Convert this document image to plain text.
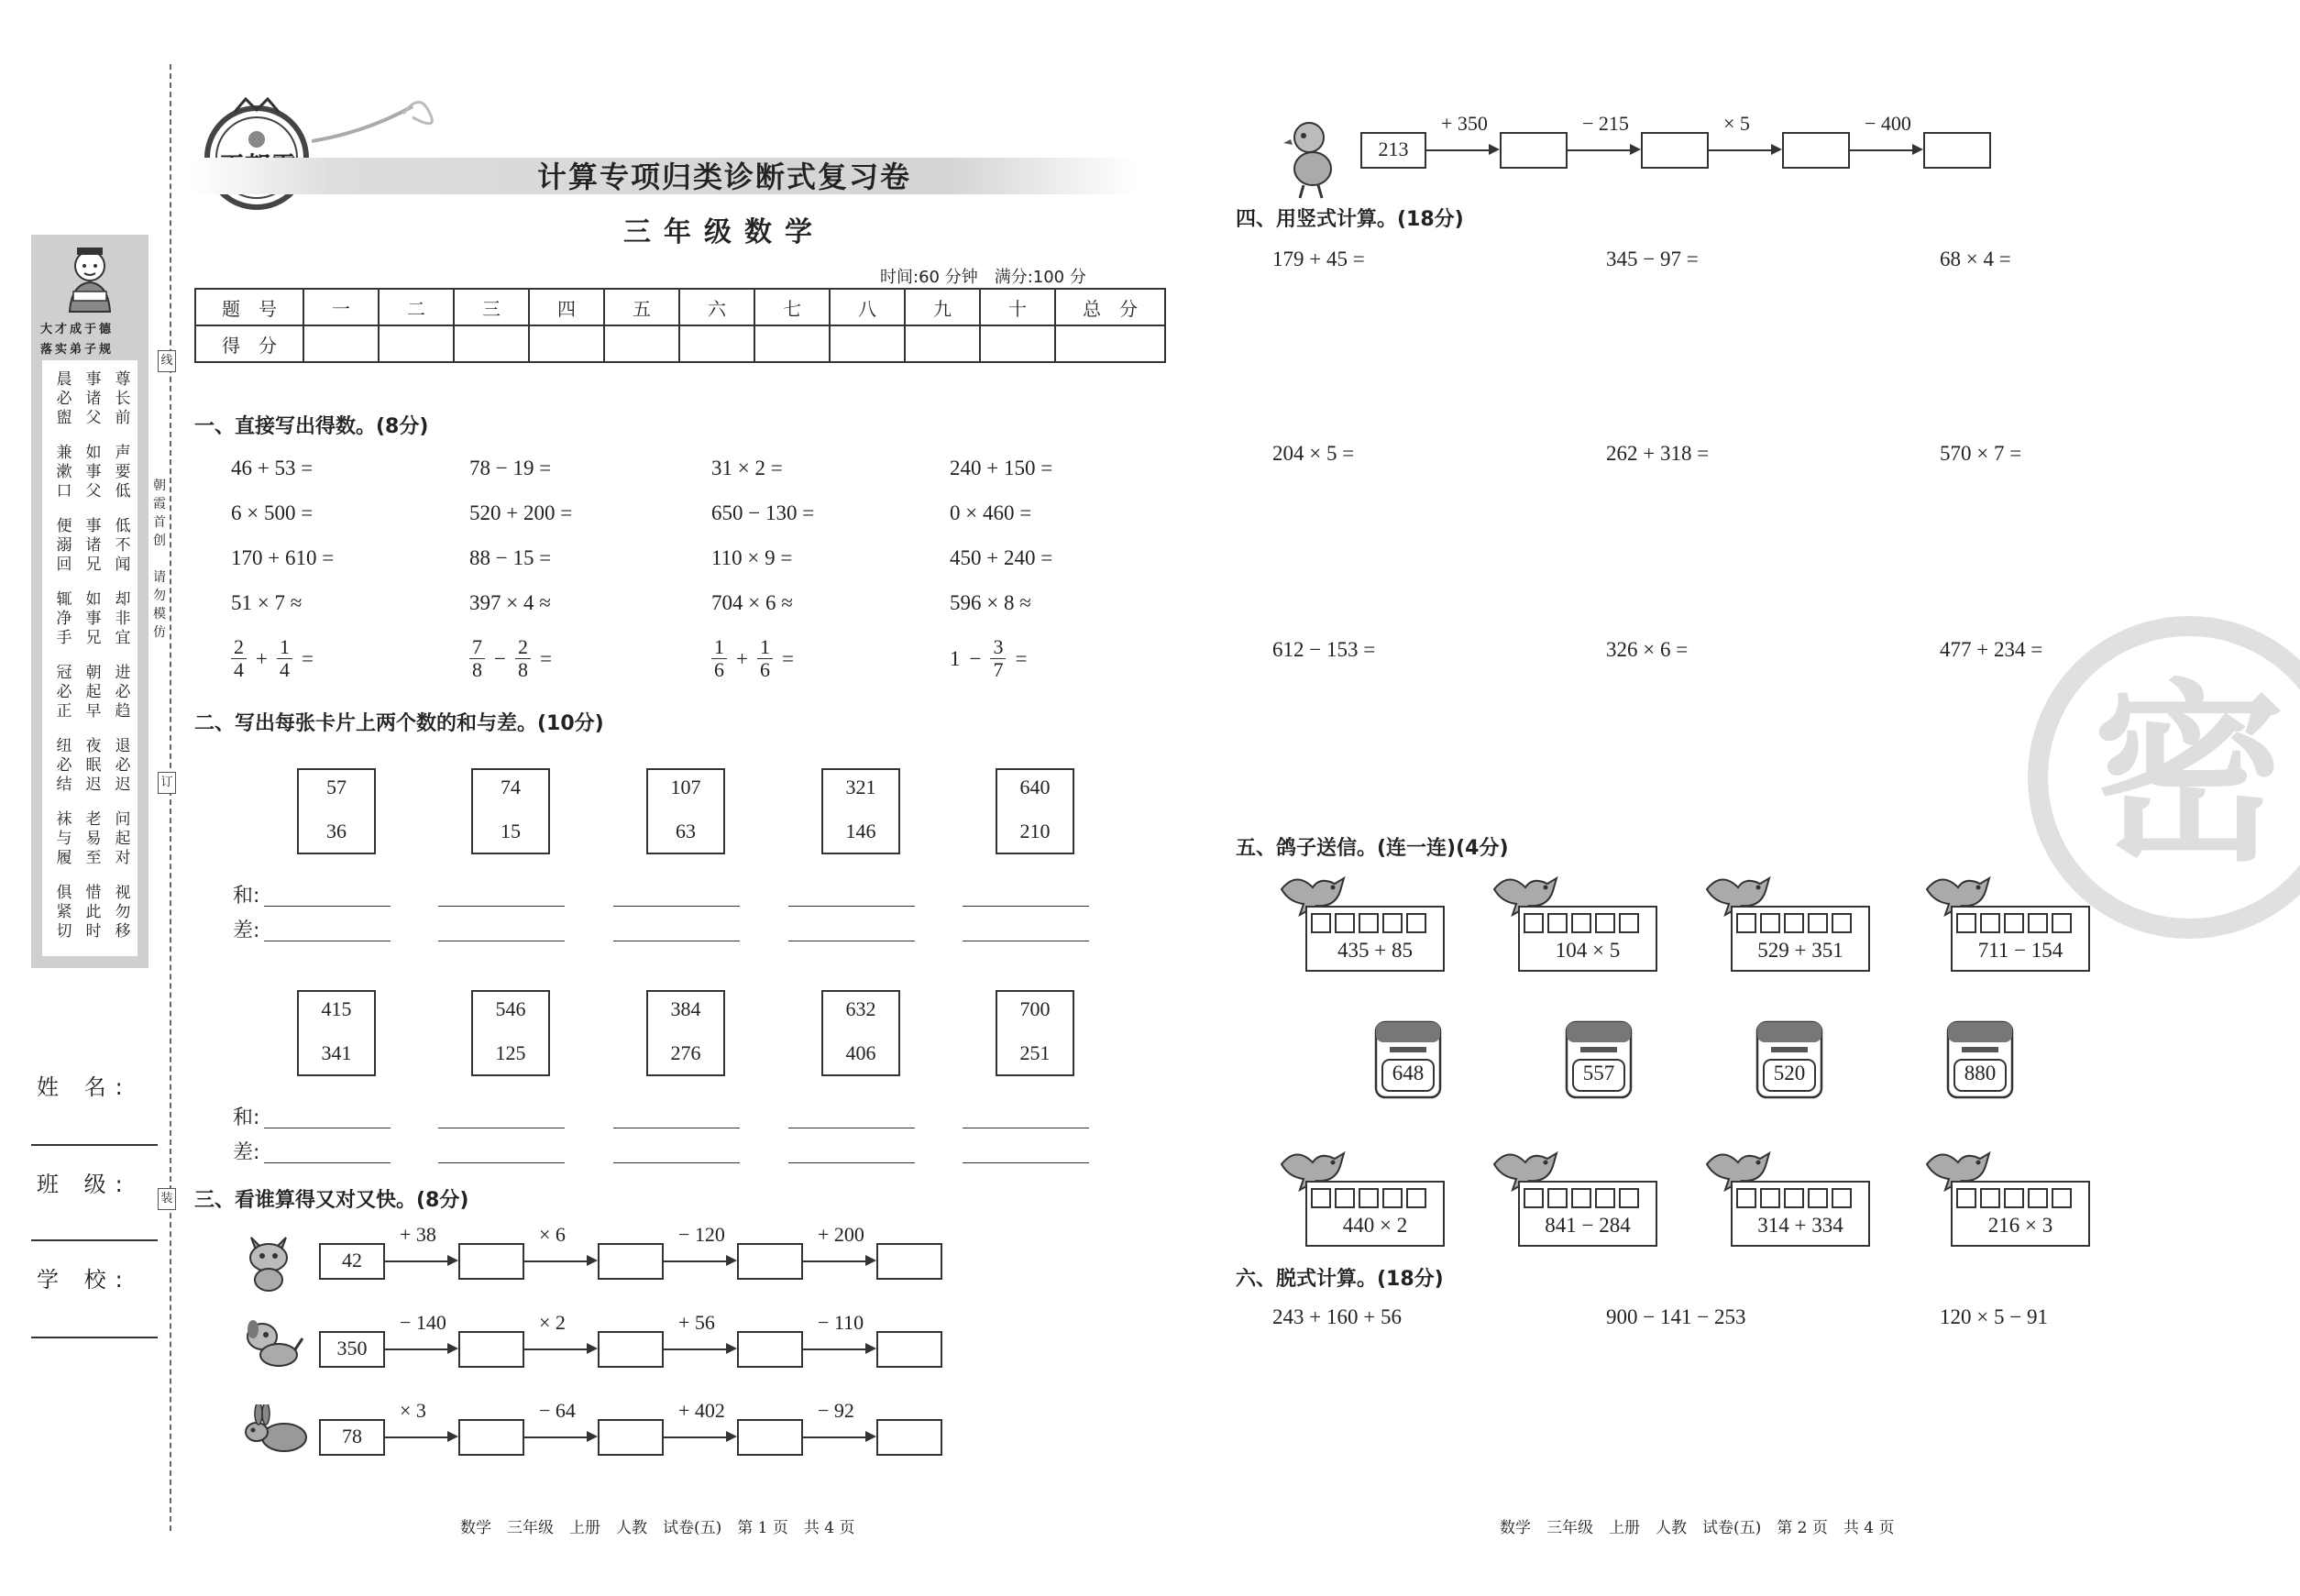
大才成于德
落实弟子规
线
订
装
姓 名:
班 级:
学 校:
计算专项归类诊断式复习卷
三年级数学
时间:60 分钟　满分:100 分
题　号	一	二	三	四	五	六	七	八	九	十	总　分
得　分											
一、直接写出得数。(8分)
二、写出每张卡片上两个数的和与差。(10分)
三、看谁算得又对又快。(8分)
四、用竖式计算。(18分)
密
五、鸽子送信。(连一连)(4分)
六、脱式计算。(18分)
数学　三年级　上册　人教　试卷(五)　第 1 页　共 4 页	数学　三年级　上册　人教　试卷(五)　第 2 页　共 4 页
晨
必
盥
事
诸
父
尊
长
前
兼
漱
口
如
事
父
声
要
低
便
溺
回
事
诸
兄
低
不
闻
辄
净
手
如
事
兄
却
非
宜
冠
必
正
朝
起
早
进
必
趋
纽
必
结
夜
眠
迟
退
必
迟
袜
与
履
老
易
至
问
起
对
俱
紧
切
惜
此
时
视
勿
移
朝霞首创
请勿模仿
46 + 53 =	78 − 19 =	31 × 2 =	240 + 150 =
6 × 500 =	520 + 200 =	650 − 130 =	0 × 460 =
170 + 610 =	88 − 15 =	110 × 9 =	450 + 240 =
51 × 7 ≈	397 × 4 ≈	704 × 6 ≈	596 × 8 ≈
$\frac{2}{4} + \frac{1}{4}$ =	$\frac{7}{8} - \frac{2}{8}$ =	$\frac{1}{6} + \frac{1}{6}$ =	$1 - \frac{3}{7}$ =
57
36
74
15
107
63
321
146
640
210
和:
差:
415
341
546
125
384
276
632
406
700
251
和:
差:
42
+ 38	× 6	− 120	+ 200
350
− 140	× 2	+ 56	− 110
78
× 3	− 64	+ 402	− 92
213
+ 350	− 215	× 5	− 400
179 + 45 =	345 − 97 =	68 × 4 =
204 × 5 =	262 + 318 =	570 × 7 =
612 − 153 =	326 × 6 =	477 + 234 =
435 + 85	104 × 5	529 + 351	711 − 154
648	557	520	880
440 × 2	841 − 284	314 + 334	216 × 3
243 + 160 + 56	900 − 141 − 253	120 × 5 − 91
